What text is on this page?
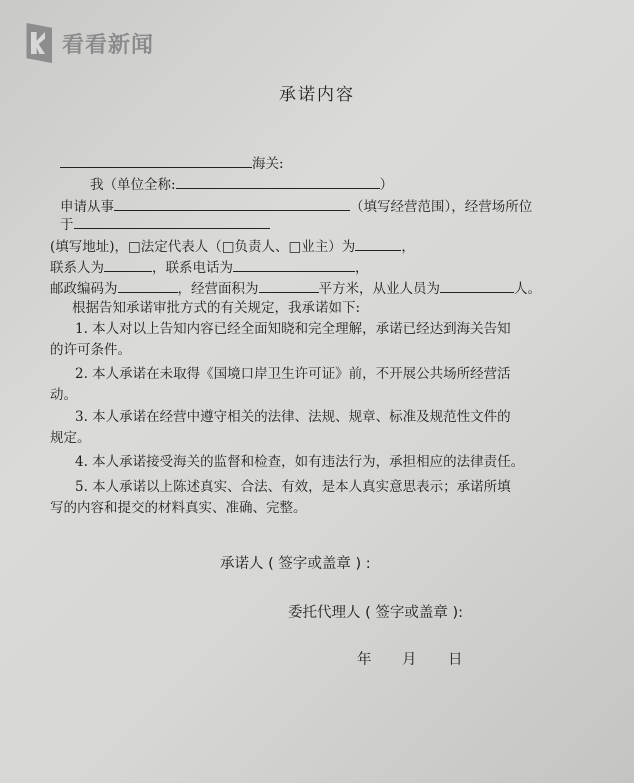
看看新闻
承诺内容
海关:
我（单位全称:	）
申请从事	（填写经营范围），经营场所位
于
(填写地址)，□法定代表人（□负责人、□业主）为	，
联系人为	，联系电话为	，
邮政编码为	，经营面积为	平方米，从业人员为	人。
根据告知承诺审批方式的有关规定，我承诺如下:
1. 本人对以上告知内容已经全面知晓和完全理解，承诺已经达到海关告知
的许可条件。
2. 本人承诺在未取得《国境口岸卫生许可证》前，不开展公共场所经营活
动。
3. 本人承诺在经营中遵守相关的法律、法规、规章、标准及规范性文件的
规定。
4. 本人承诺接受海关的监督和检查，如有违法行为，承担相应的法律责任。
5. 本人承诺以上陈述真实、合法、有效，是本人真实意思表示；承诺所填
写的内容和提交的材料真实、准确、完整。
承诺人 ( 签字或盖章 ) :
委托代理人 ( 签字或盖章 ):
年 月 日
